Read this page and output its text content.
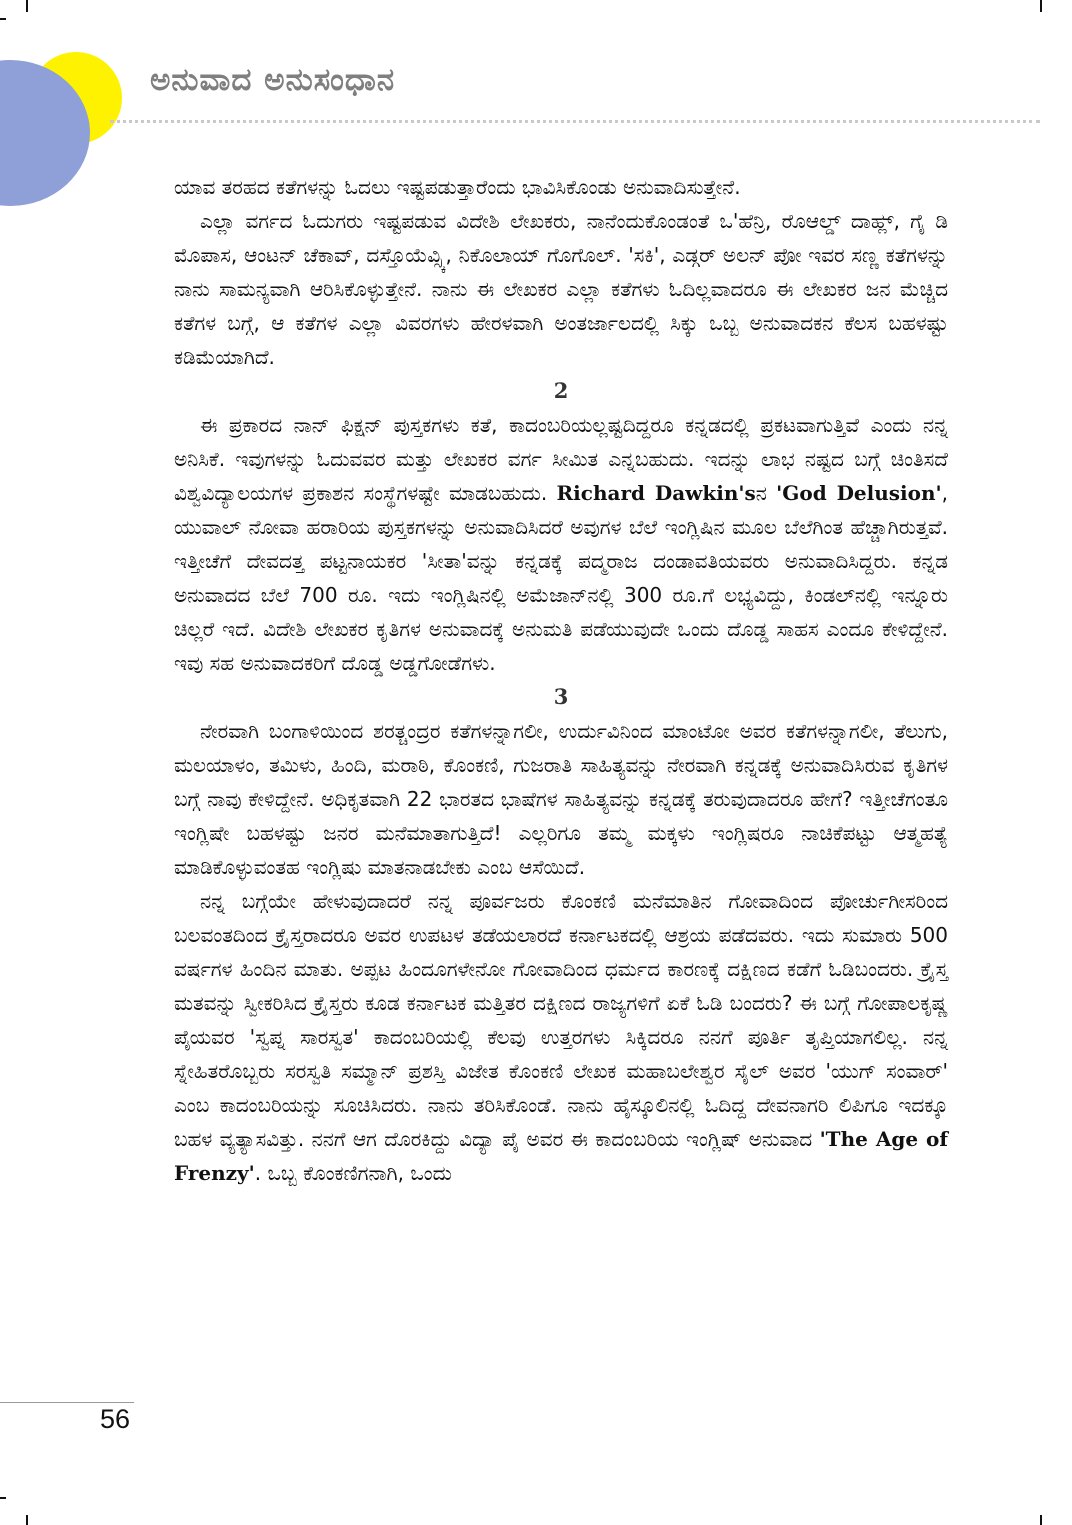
ಅನುವಾದ ಅನುಸಂಧಾನ

ಯಾವ ತರಹದ ಕತೆಗಳನ್ನು ಓದಲು ಇಷ್ಟಪಡುತ್ತಾರೆಂದು ಭಾವಿಸಿಕೊಂಡು ಅನುವಾದಿಸುತ್ತೇನೆ.

ಎಲ್ಲಾ ವರ್ಗದ ಓದುಗರು ಇಷ್ಟಪಡುವ ವಿದೇಶಿ ಲೇಖಕರು, ನಾನೆಂದುಕೊಂಡಂತೆ ಒ'ಹೆನ್ರಿ, ರೊಆಲ್ಡ್ ದಾಹ್ಲ್, ಗೈ ಡಿ ಮೊಪಾಸ, ಆಂಟನ್ ಚೆಕಾವ್, ದಸ್ತೊಯೆವ್ಸ್ಕಿ, ನಿಕೊಲಾಯ್ ಗೊಗೊಲ್. 'ಸಕಿ', ಎಡ್ಗರ್ ಅಲನ್ ಪೋ ಇವರ ಸಣ್ಣ ಕತೆಗಳನ್ನು ನಾನು ಸಾಮನ್ಯವಾಗಿ ಆರಿಸಿಕೊಳ್ಳುತ್ತೇನೆ. ನಾನು ಈ ಲೇಖಕರ ಎಲ್ಲಾ ಕತೆಗಳು ಓದಿಲ್ಲವಾದರೂ ಈ ಲೇಖಕರ ಜನ ಮೆಚ್ಚಿದ ಕತೆಗಳ ಬಗ್ಗೆ, ಆ ಕತೆಗಳ ಎಲ್ಲಾ ವಿವರಗಳು ಹೇರಳವಾಗಿ ಅಂತರ್ಜಾಲದಲ್ಲಿ ಸಿಕ್ಕು ಒಬ್ಬ ಅನುವಾದಕನ ಕೆಲಸ ಬಹಳಷ್ಟು ಕಡಿಮೆಯಾಗಿದೆ.

2

ಈ ಪ್ರಕಾರದ ನಾನ್ ಫಿಕ್ಷನ್ ಪುಸ್ತಕಗಳು ಕತೆ, ಕಾದಂಬರಿಯಲ್ಲಷ್ಟದಿದ್ದರೂ ಕನ್ನಡದಲ್ಲಿ ಪ್ರಕಟವಾಗುತ್ತಿವೆ ಎಂದು ನನ್ನ ಅನಿಸಿಕೆ. ಇವುಗಳನ್ನು ಓದುವವರ ಮತ್ತು ಲೇಖಕರ ವರ್ಗ ಸೀಮಿತ ಎನ್ನಬಹುದು. ಇದನ್ನು ಲಾಭ ನಷ್ಟದ ಬಗ್ಗೆ ಚಿಂತಿಸದೆ ವಿಶ್ವವಿದ್ಯಾಲಯಗಳ ಪ್ರಕಾಶನ ಸಂಸ್ಥೆಗಳಷ್ಟೇ ಮಾಡಬಹುದು. Richard Dawkin'sನ 'God Delusion', ಯುವಾಲ್ ನೋವಾ ಹರಾರಿಯ ಪುಸ್ತಕಗಳನ್ನು ಅನುವಾದಿಸಿದರೆ ಅವುಗಳ ಬೆಲೆ ಇಂಗ್ಲಿಷಿನ ಮೂಲ ಬೆಲೆಗಿಂತ ಹೆಚ್ಚಾಗಿರುತ್ತವೆ. ಇತ್ತೀಚೆಗೆ ದೇವದತ್ತ ಪಟ್ಟನಾಯಕರ 'ಸೀತಾ'ವನ್ನು ಕನ್ನಡಕ್ಕೆ ಪದ್ಮರಾಜ ದಂಡಾವತಿಯವರು ಅನುವಾದಿಸಿದ್ದರು. ಕನ್ನಡ ಅನುವಾದದ ಬೆಲೆ 700 ರೂ. ಇದು ಇಂಗ್ಲಿಷಿನಲ್ಲಿ ಅಮೆಜಾನ್‌ನಲ್ಲಿ 300 ರೂ.ಗೆ ಲಭ್ಯವಿದ್ದು, ಕಿಂಡಲ್‌ನಲ್ಲಿ ಇನ್ನೂರು ಚಿಲ್ಲರೆ ಇದೆ. ವಿದೇಶಿ ಲೇಖಕರ ಕೃತಿಗಳ ಅನುವಾದಕ್ಕೆ ಅನುಮತಿ ಪಡೆಯುವುದೇ ಒಂದು ದೊಡ್ಡ ಸಾಹಸ ಎಂದೂ ಕೇಳಿದ್ದೇನೆ. ಇವು ಸಹ ಅನುವಾದಕರಿಗೆ ದೊಡ್ಡ ಅಡ್ಡಗೋಡೆಗಳು.

3

ನೇರವಾಗಿ ಬಂಗಾಳಿಯಿಂದ ಶರತ್ಚಂದ್ರರ ಕತೆಗಳನ್ನಾಗಲೀ, ಉರ್ದುವಿನಿಂದ ಮಾಂಟೋ ಅವರ ಕತೆಗಳನ್ನಾಗಲೀ, ತೆಲುಗು, ಮಲಯಾಳಂ, ತಮಿಳು, ಹಿಂದಿ, ಮರಾಠಿ, ಕೊಂಕಣಿ, ಗುಜರಾತಿ ಸಾಹಿತ್ಯವನ್ನು ನೇರವಾಗಿ ಕನ್ನಡಕ್ಕೆ ಅನುವಾದಿಸಿರುವ ಕೃತಿಗಳ ಬಗ್ಗೆ ನಾವು ಕೇಳಿದ್ದೇನೆ. ಅಧಿಕೃತವಾಗಿ 22 ಭಾರತದ ಭಾಷೆಗಳ ಸಾಹಿತ್ಯವನ್ನು ಕನ್ನಡಕ್ಕೆ ತರುವುದಾದರೂ ಹೇಗೆ? ಇತ್ತೀಚೆಗಂತೂ ಇಂಗ್ಲಿಷೇ ಬಹಳಷ್ಟು ಜನರ ಮನೆಮಾತಾಗುತ್ತಿದೆ! ಎಲ್ಲರಿಗೂ ತಮ್ಮ ಮಕ್ಕಳು ಇಂಗ್ಲಿಷರೂ ನಾಚಿಕೆಪಟ್ಟು ಆತ್ಮಹತ್ಯೆ ಮಾಡಿಕೊಳ್ಳುವಂತಹ ಇಂಗ್ಲಿಷು ಮಾತನಾಡಬೇಕು ಎಂಬ ಆಸೆಯಿದೆ.

ನನ್ನ ಬಗ್ಗೆಯೇ ಹೇಳುವುದಾದರೆ ನನ್ನ ಪೂರ್ವಜರು ಕೊಂಕಣಿ ಮನೆಮಾತಿನ ಗೋವಾದಿಂದ ಪೋರ್ಚುಗೀಸರಿಂದ ಬಲವಂತದಿಂದ ಕ್ರೈಸ್ತರಾದರೂ ಅವರ ಉಪಟಳ ತಡೆಯಲಾರದೆ ಕರ್ನಾಟಕದಲ್ಲಿ ಆಶ್ರಯ ಪಡೆದವರು. ಇದು ಸುಮಾರು 500 ವರ್ಷಗಳ ಹಿಂದಿನ ಮಾತು. ಅಪ್ಪಟ ಹಿಂದೂಗಳೇನೋ ಗೋವಾದಿಂದ ಧರ್ಮದ ಕಾರಣಕ್ಕೆ ದಕ್ಷಿಣದ ಕಡೆಗೆ ಓಡಿಬಂದರು. ಕ್ರೈಸ್ತ ಮತವನ್ನು ಸ್ವೀಕರಿಸಿದ ಕ್ರೈಸ್ತರು ಕೂಡ ಕರ್ನಾಟಕ ಮತ್ತಿತರ ದಕ್ಷಿಣದ ರಾಜ್ಯಗಳಿಗೆ ಏಕೆ ಓಡಿ ಬಂದರು? ಈ ಬಗ್ಗೆ ಗೋಪಾಲಕೃಷ್ಣ ಪೈಯವರ 'ಸ್ವಪ್ನ ಸಾರಸ್ವತ' ಕಾದಂಬರಿಯಲ್ಲಿ ಕೆಲವು ಉತ್ತರಗಳು ಸಿಕ್ಕಿದರೂ ನನಗೆ ಪೂರ್ತಿ ತೃಪ್ತಿಯಾಗಲಿಲ್ಲ. ನನ್ನ ಸ್ನೇಹಿತರೊಬ್ಬರು ಸರಸ್ವತಿ ಸಮ್ಮಾನ್ ಪ್ರಶಸ್ತಿ ವಿಜೇತ ಕೊಂಕಣಿ ಲೇಖಕ ಮಹಾಬಲೇಶ್ವರ ಸೈಲ್ ಅವರ 'ಯುಗ್ ಸಂವಾರ್' ಎಂಬ ಕಾದಂಬರಿಯನ್ನು ಸೂಚಿಸಿದರು. ನಾನು ತರಿಸಿಕೊಂಡೆ. ನಾನು ಹೈಸ್ಕೂಲಿನಲ್ಲಿ ಓದಿದ್ದ ದೇವನಾಗರಿ ಲಿಪಿಗೂ ಇದಕ್ಕೂ ಬಹಳ ವ್ಯತ್ಯಾಸವಿತ್ತು. ನನಗೆ ಆಗ ದೊರಕಿದ್ದು ವಿದ್ಯಾ ಪೈ ಅವರ ಈ ಕಾದಂಬರಿಯ ಇಂಗ್ಲಿಷ್ ಅನುವಾದ 'The Age of Frenzy'. ಒಬ್ಬ ಕೊಂಕಣಿಗನಾಗಿ, ಒಂದು

56
